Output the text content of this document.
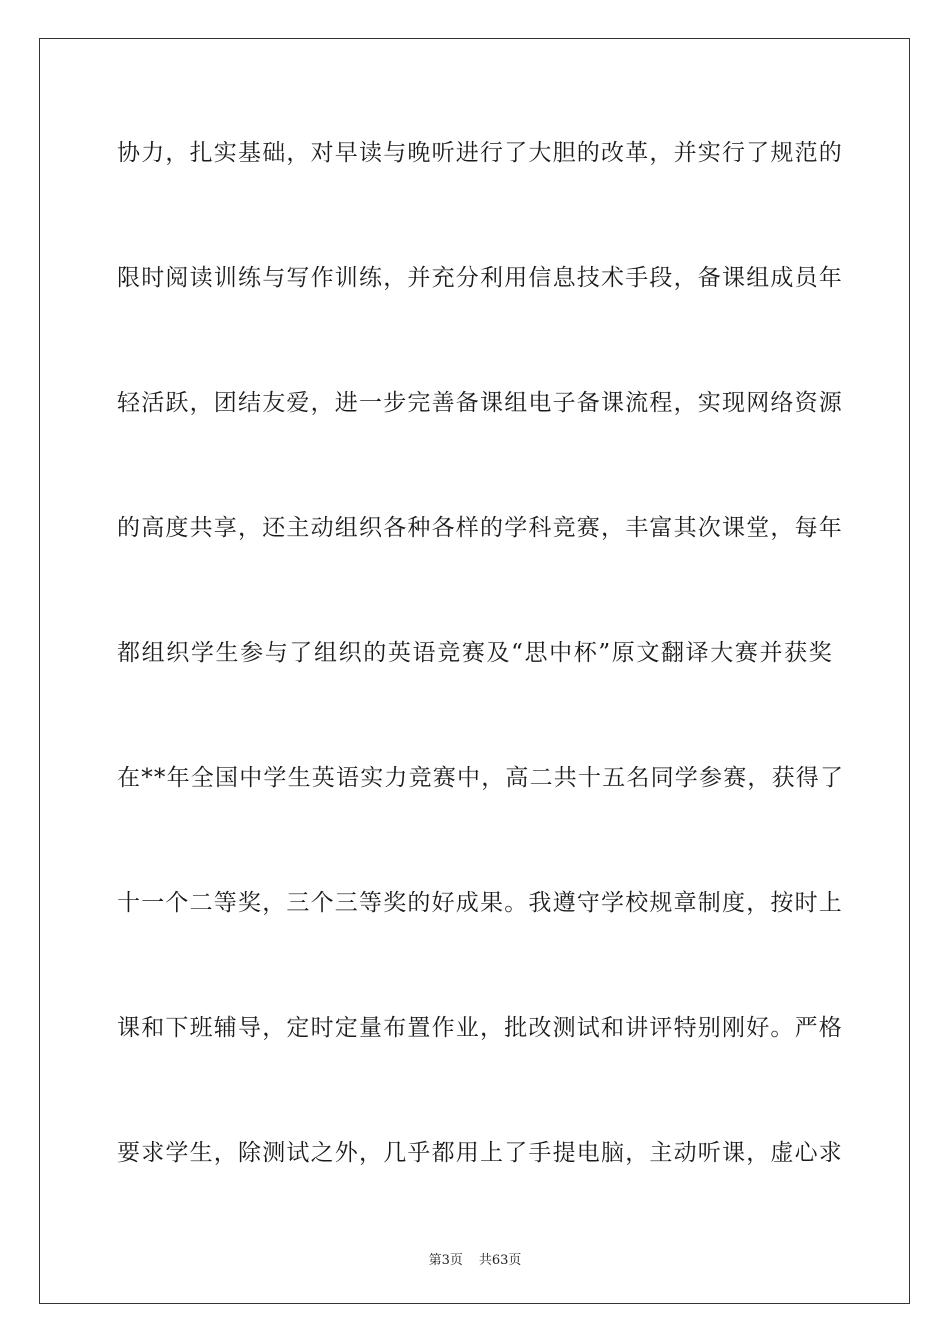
协力，扎实基础，对早读与晚听进行了大胆的改革，并实行了规范的
限时阅读训练与写作训练，并充分利用信息技术手段，备课组成员年
轻活跃，团结友爱，进一步完善备课组电子备课流程，实现网络资源
的高度共享，还主动组织各种各样的学科竞赛，丰富其次课堂，每年
都组织学生参与了组织的英语竞赛及“思中杯”原文翻译大赛并获奖
在**年全国中学生英语实力竞赛中，高二共十五名同学参赛，获得了
十一个二等奖，三个三等奖的好成果。我遵守学校规章制度，按时上
课和下班辅导，定时定量布置作业，批改测试和讲评特别刚好。严格
要求学生，除测试之外，几乎都用上了手提电脑，主动听课，虚心求
第3页 共63页
